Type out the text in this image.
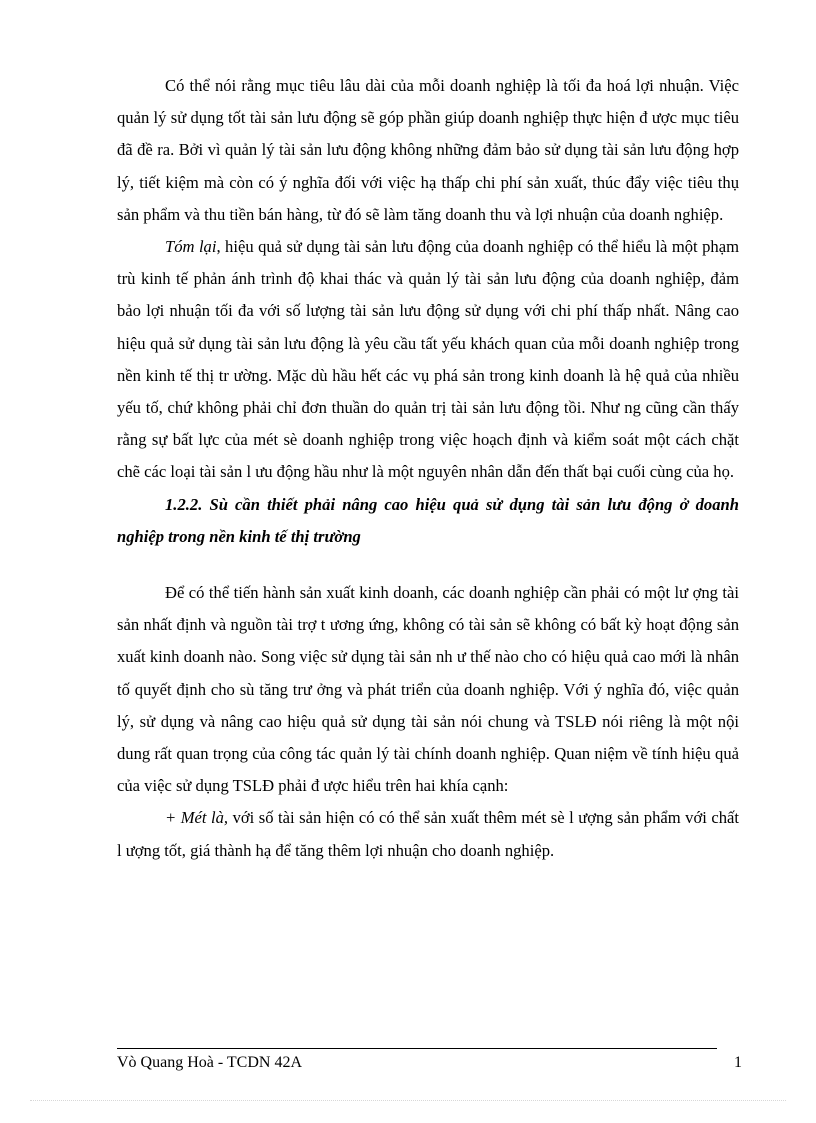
Có thể nói rằng mục tiêu lâu dài của mỗi doanh nghiệp là tối đa hoá lợi nhuận. Việc quản lý sử dụng tốt tài sản lưu động sẽ góp phần giúp doanh nghiệp thực hiện đ ược mục tiêu đã đề ra. Bởi vì quản lý tài sản lưu động không những đảm bảo sử dụng tài sản lưu động hợp lý, tiết kiệm mà còn có ý nghĩa đối với việc hạ thấp chi phí sản xuất, thúc đẩy việc tiêu thụ sản phẩm và thu tiền bán hàng, từ đó sẽ làm tăng doanh thu và lợi nhuận của doanh nghiệp.

Tóm lại, hiệu quả sử dụng tài sản lưu động của doanh nghiệp có thể hiểu là một phạm trù kinh tế phản ánh trình độ khai thác và quản lý tài sản lưu động của doanh nghiệp, đảm bảo lợi nhuận tối đa với số lượng tài sản lưu động sử dụng với chi phí thấp nhất. Nâng cao hiệu quả sử dụng tài sản lưu động là yêu cầu tất yếu khách quan của mỗi doanh nghiệp trong nền kinh tế thị tr ường. Mặc dù hầu hết các vụ phá sản trong kinh doanh là hệ quả của nhiều yếu tố, chứ không phải chỉ đơn thuần do quản trị tài sản lưu động tồi. Như ng cũng cần thấy rằng sự bất lực của mét sè doanh nghiệp trong việc hoạch định và kiểm soát một cách chặt chẽ các loại tài sản l ưu động hầu như là một nguyên nhân dẫn đến thất bại cuối cùng của họ.

1.2.2. Sù cần thiết phải nâng cao hiệu quả sử dụng tài sản lưu động ở doanh nghiệp trong nền kinh tế thị trường

Để có thể tiến hành sản xuất kinh doanh, các doanh nghiệp cần phải có một lư ợng tài sản nhất định và nguồn tài trợ t ương ứng, không có tài sản sẽ không có bất kỳ hoạt động sản xuất kinh doanh nào. Song việc sử dụng tài sản nh ư thế nào cho có hiệu quả cao mới là nhân tố quyết định cho sù tăng trư ởng và phát triển của doanh nghiệp. Với ý nghĩa đó, việc quản lý, sử dụng và nâng cao hiệu quả sử dụng tài sản nói chung và TSLĐ nói riêng là một nội dung rất quan trọng của công tác quản lý tài chính doanh nghiệp. Quan niệm về tính hiệu quả của việc sử dụng TSLĐ phải đ ược hiểu trên hai khía cạnh:

+ Mét là, với số tài sản hiện có có thể sản xuất thêm mét sè l ượng sản phẩm với chất l ượng tốt, giá thành hạ để tăng thêm lợi nhuận cho doanh nghiệp.

Vò Quang Hoà - TCDN 42A	1
